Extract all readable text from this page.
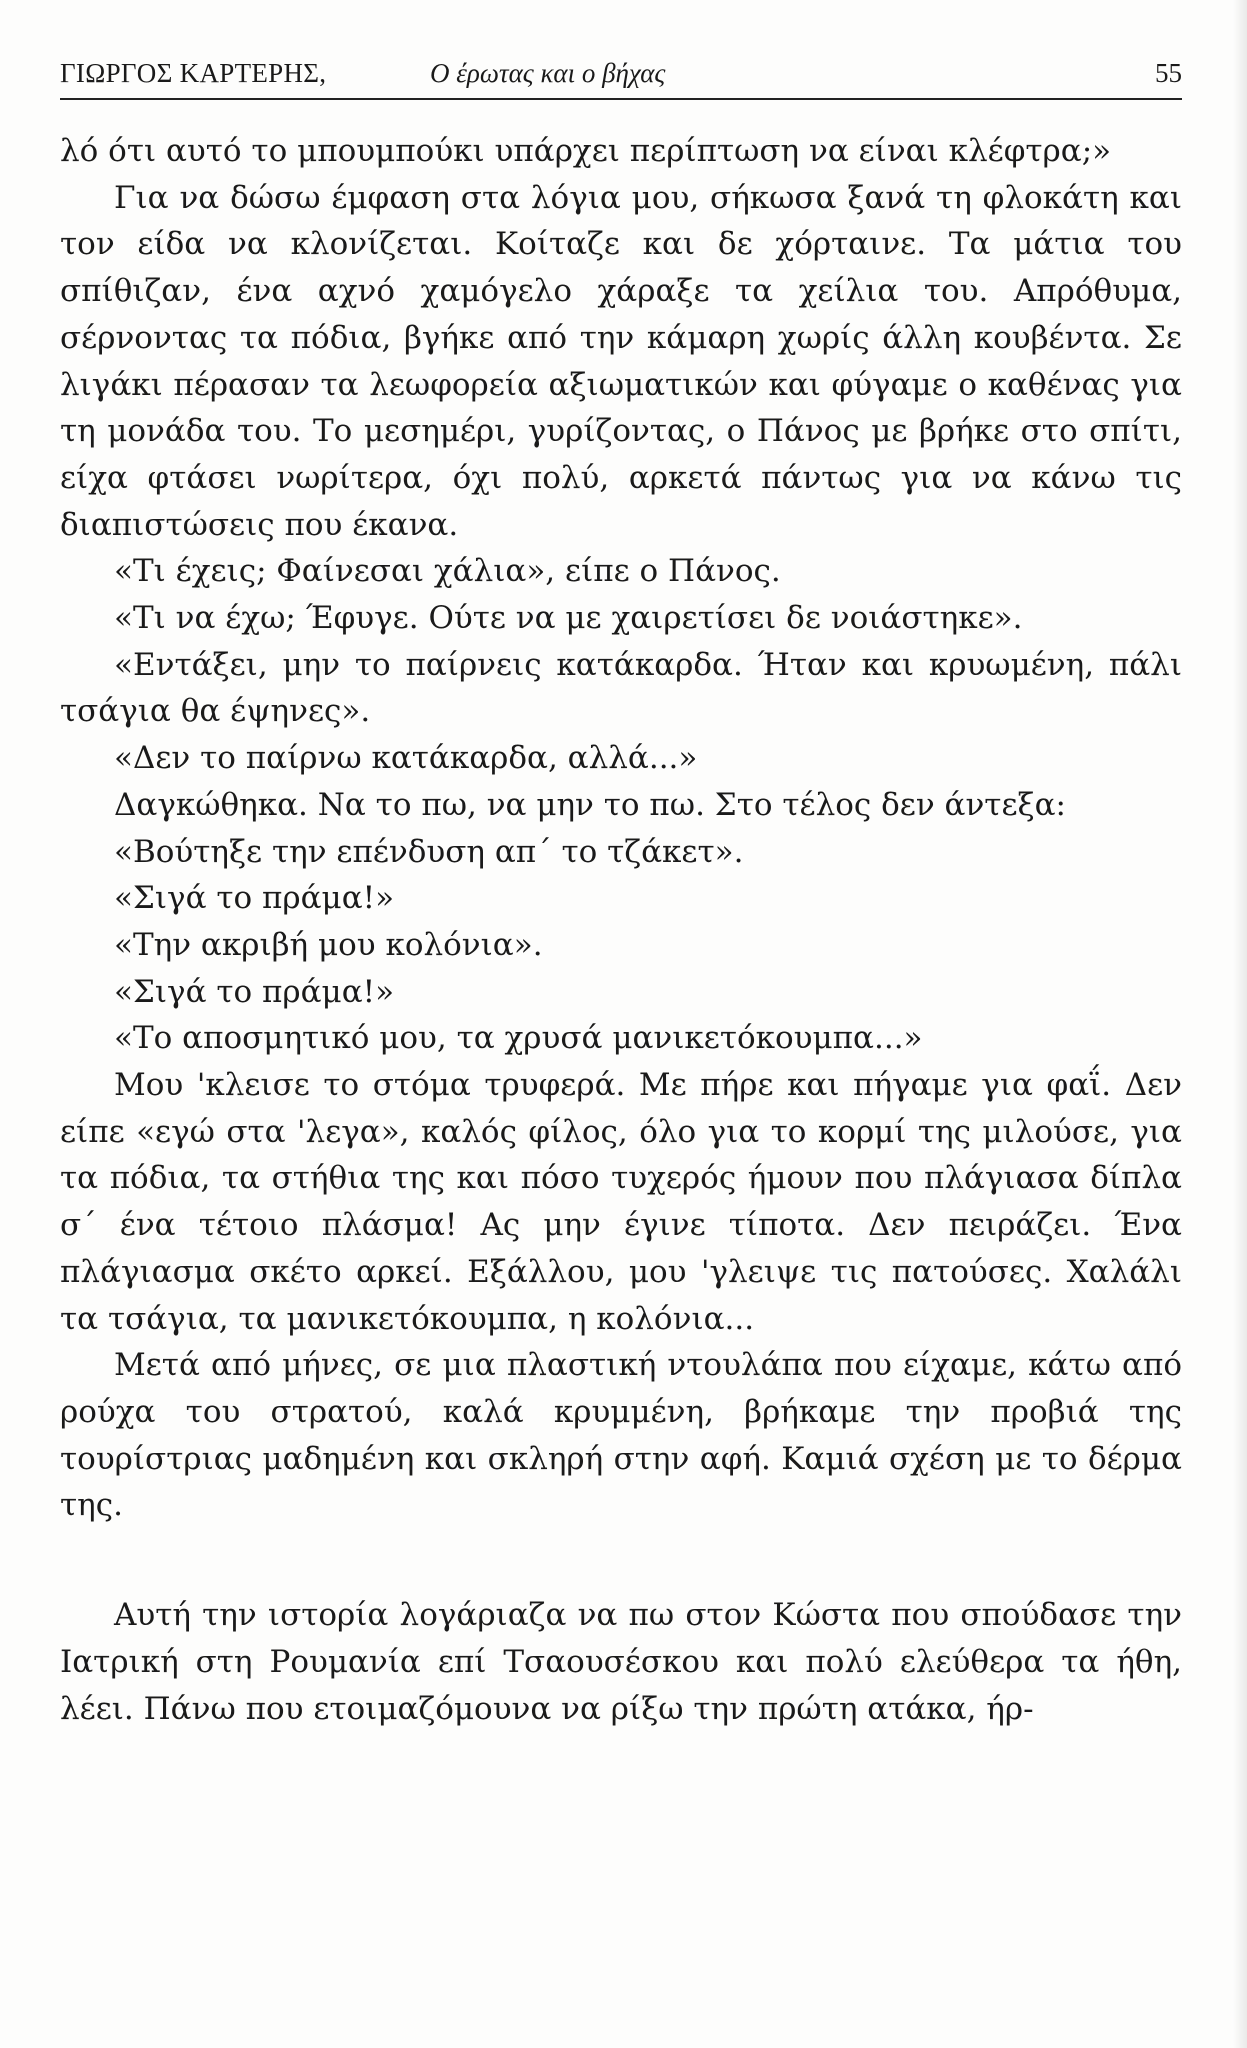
ΓΙΩΡΓΟΣ ΚΑΡΤΕΡΗΣ,	Ο έρωτας και ο βήχας	55

λό ότι αυτό το μπουμπούκι υπάρχει περίπτωση να είναι κλέφτρα;»

Για να δώσω έμφαση στα λόγια μου, σήκωσα ξανά τη φλοκάτη και τον είδα να κλονίζεται. Κοίταζε και δε χόρταινε. Τα μάτια του σπίθιζαν, ένα αχνό χαμόγελο χάραξε τα χείλια του. Απρόθυμα, σέρνοντας τα πόδια, βγήκε από την κάμαρη χωρίς άλλη κουβέντα. Σε λιγάκι πέρασαν τα λεωφορεία αξιωματικών και φύγαμε ο καθένας για τη μονάδα του. Το μεσημέρι, γυρίζοντας, ο Πάνος με βρήκε στο σπίτι, είχα φτάσει νωρίτερα, όχι πολύ, αρκετά πάντως για να κάνω τις διαπιστώσεις που έκανα.

«Τι έχεις; Φαίνεσαι χάλια», είπε ο Πάνος.

«Τι να έχω; Έφυγε. Ούτε να με χαιρετίσει δε νοιάστηκε».

«Εντάξει, μην το παίρνεις κατάκαρδα. Ήταν και κρυωμένη, πάλι τσάγια θα έψηνες».

«Δεν το παίρνω κατάκαρδα, αλλά...»

Δαγκώθηκα. Να το πω, να μην το πω. Στο τέλος δεν άντεξα:

«Βούτηξε την επένδυση απ΄ το τζάκετ».

«Σιγά το πράμα!»

«Την ακριβή μου κολόνια».

«Σιγά το πράμα!»

«Το αποσμητικό μου, τα χρυσά μανικετόκουμπα...»

Μου 'κλεισε το στόμα τρυφερά. Με πήρε και πήγαμε για φαΐ. Δεν είπε «εγώ στα 'λεγα», καλός φίλος, όλο για το κορμί της μιλούσε, για τα πόδια, τα στήθια της και πόσο τυχερός ήμουν που πλάγιασα δίπλα σ΄ ένα τέτοιο πλάσμα! Ας μην έγινε τίποτα. Δεν πειράζει. Ένα πλάγιασμα σκέτο αρκεί. Εξάλλου, μου 'γλειψε τις πατούσες. Χαλάλι τα τσάγια, τα μανικετόκουμπα, η κολόνια...

Μετά από μήνες, σε μια πλαστική ντουλάπα που είχαμε, κάτω από ρούχα του στρατού, καλά κρυμμένη, βρήκαμε την προβιά της τουρίστριας μαδημένη και σκληρή στην αφή. Καμιά σχέση με το δέρμα της.

Αυτή την ιστορία λογάριαζα να πω στον Κώστα που σπούδασε την Ιατρική στη Ρουμανία επί Τσαουσέσκου και πολύ ελεύθερα τα ήθη, λέει. Πάνω που ετοιμαζόμουνα να ρίξω την πρώτη ατάκα, ήρ-
